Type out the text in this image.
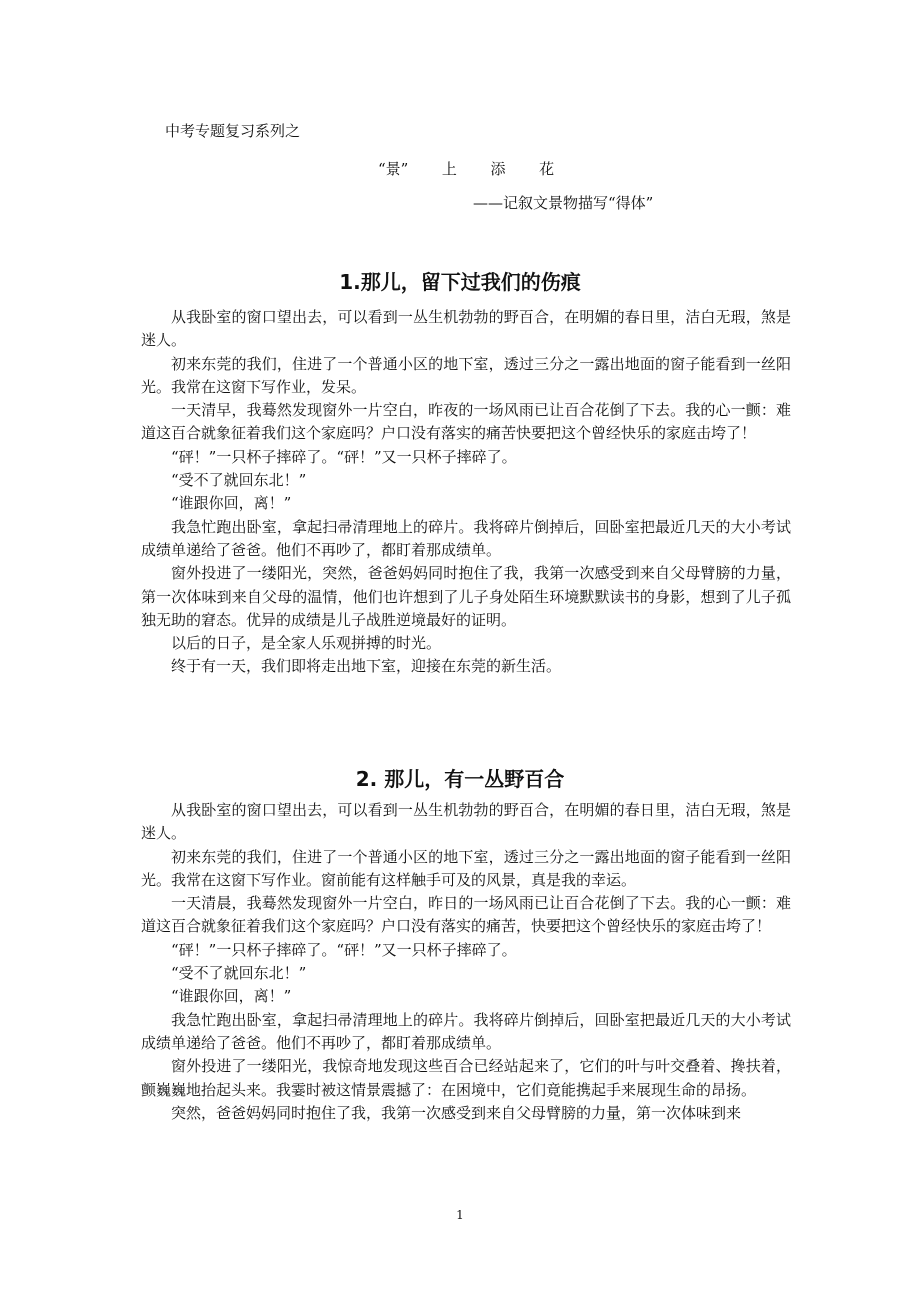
中考专题复习系列之
“景” 上 添 花
——记叙文景物描写“得体”
1.那儿，留下过我们的伤痕

从我卧室的窗口望出去，可以看到一丛生机勃勃的野百合，在明媚的春日里，洁白无瑕，煞是迷人。

初来东莞的我们，住进了一个普通小区的地下室，透过三分之一露出地面的窗子能看到一丝阳光。我常在这窗下写作业，发呆。

一天清早，我蓦然发现窗外一片空白，昨夜的一场风雨已让百合花倒了下去。我的心一颤：难道这百合就象征着我们这个家庭吗？户口没有落实的痛苦快要把这个曾经快乐的家庭击垮了！

“砰！”一只杯子摔碎了。“砰！”又一只杯子摔碎了。

“受不了就回东北！”

“谁跟你回，离！”

我急忙跑出卧室，拿起扫帚清理地上的碎片。我将碎片倒掉后，回卧室把最近几天的大小考试成绩单递给了爸爸。他们不再吵了，都盯着那成绩单。

窗外投进了一缕阳光，突然，爸爸妈妈同时抱住了我，我第一次感受到来自父母臂膀的力量，第一次体味到来自父母的温情，他们也许想到了儿子身处陌生环境默默读书的身影，想到了儿子孤独无助的窘态。优异的成绩是儿子战胜逆境最好的证明。

以后的日子，是全家人乐观拼搏的时光。

终于有一天，我们即将走出地下室，迎接在东莞的新生活。

2. 那儿，有一丛野百合

从我卧室的窗口望出去，可以看到一丛生机勃勃的野百合，在明媚的春日里，洁白无瑕，煞是迷人。

初来东莞的我们，住进了一个普通小区的地下室，透过三分之一露出地面的窗子能看到一丝阳光。我常在这窗下写作业。窗前能有这样触手可及的风景，真是我的幸运。

一天清晨，我蓦然发现窗外一片空白，昨日的一场风雨已让百合花倒了下去。我的心一颤：难道这百合就象征着我们这个家庭吗？户口没有落实的痛苦，快要把这个曾经快乐的家庭击垮了！

“砰！”一只杯子摔碎了。“砰！”又一只杯子摔碎了。

“受不了就回东北！”

“谁跟你回，离！”

我急忙跑出卧室，拿起扫帚清理地上的碎片。我将碎片倒掉后，回卧室把最近几天的大小考试成绩单递给了爸爸。他们不再吵了，都盯着那成绩单。

窗外投进了一缕阳光，我惊奇地发现这些百合已经站起来了，它们的叶与叶交叠着、搀扶着，颤巍巍地抬起头来。我霎时被这情景震撼了：在困境中，它们竟能携起手来展现生命的昂扬。

突然，爸爸妈妈同时抱住了我，我第一次感受到来自父母臂膀的力量，第一次体味到来

1
